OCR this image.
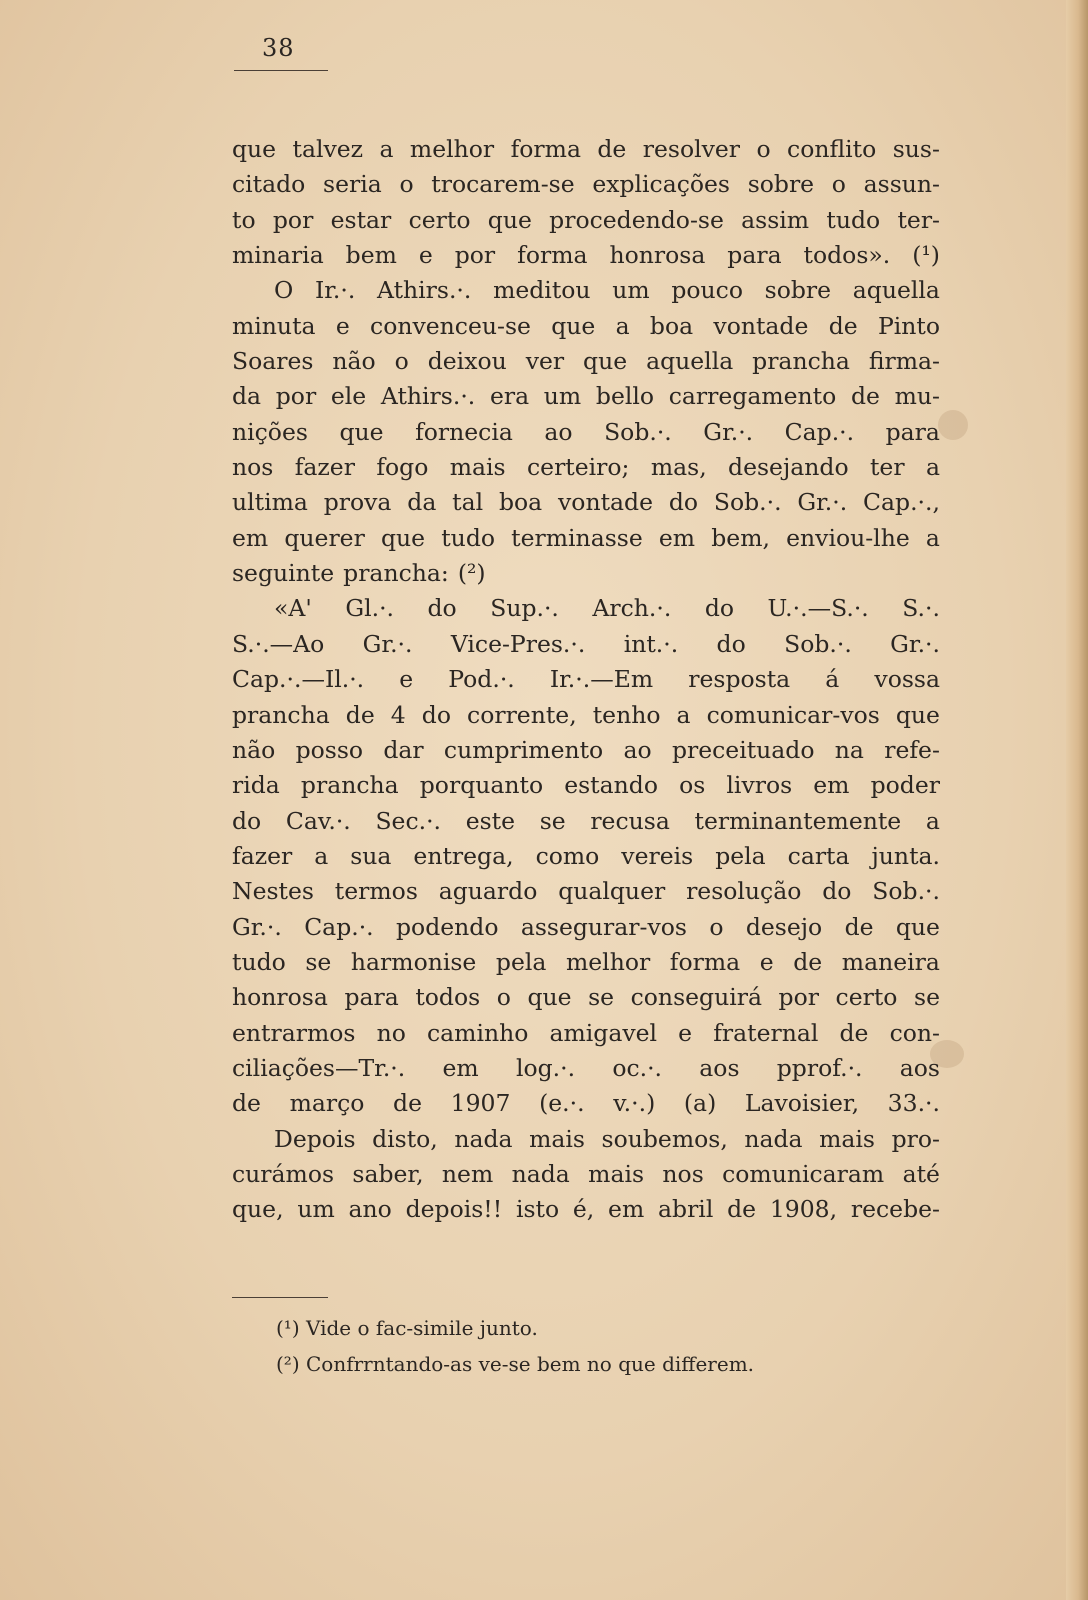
38
que talvez a melhor forma de resolver o conflito sus-
citado seria o trocarem-se explicações sobre o assun-
to por estar certo que procedendo-se assim tudo ter-
minaria bem e por forma honrosa para todos». (¹)
O Ir.·. Athirs.·. meditou um pouco sobre aquella
minuta e convenceu-se que a boa vontade de Pinto
Soares não o deixou ver que aquella prancha firma-
da por ele Athirs.·. era um bello carregamento de mu-
nições que fornecia ao Sob.·. Gr.·. Cap.·. para
nos fazer fogo mais certeiro; mas, desejando ter a
ultima prova da tal boa vontade do Sob.·. Gr.·. Cap.·.,
em querer que tudo terminasse em bem, enviou-lhe a
seguinte prancha: (²)
«A' Gl.·. do Sup.·. Arch.·. do U.·.—S.·. S.·.
S.·.—Ao Gr.·. Vice-Pres.·. int.·. do Sob.·. Gr.·.
Cap.·.—Il.·. e Pod.·. Ir.·.—Em resposta á vossa
prancha de 4 do corrente, tenho a comunicar-vos que
não posso dar cumprimento ao preceituado na refe-
rida prancha porquanto estando os livros em poder
do Cav.·. Sec.·. este se recusa terminantemente a
fazer a sua entrega, como vereis pela carta junta.
Nestes termos aguardo qualquer resolução do Sob.·.
Gr.·. Cap.·. podendo assegurar-vos o desejo de que
tudo se harmonise pela melhor forma e de maneira
honrosa para todos o que se conseguirá por certo se
entrarmos no caminho amigavel e fraternal de con-
ciliações—Tr.·. em log.·. oc.·. aos pprof.·. aos
de março de 1907 (e.·. v.·.) (a) Lavoisier, 33.·.
Depois disto, nada mais soubemos, nada mais pro-
curámos saber, nem nada mais nos comunicaram até
que, um ano depois!! isto é, em abril de 1908, recebe-
(¹) Vide o fac-simile junto.
(²) Confrrntando-as ve-se bem no que differem.
